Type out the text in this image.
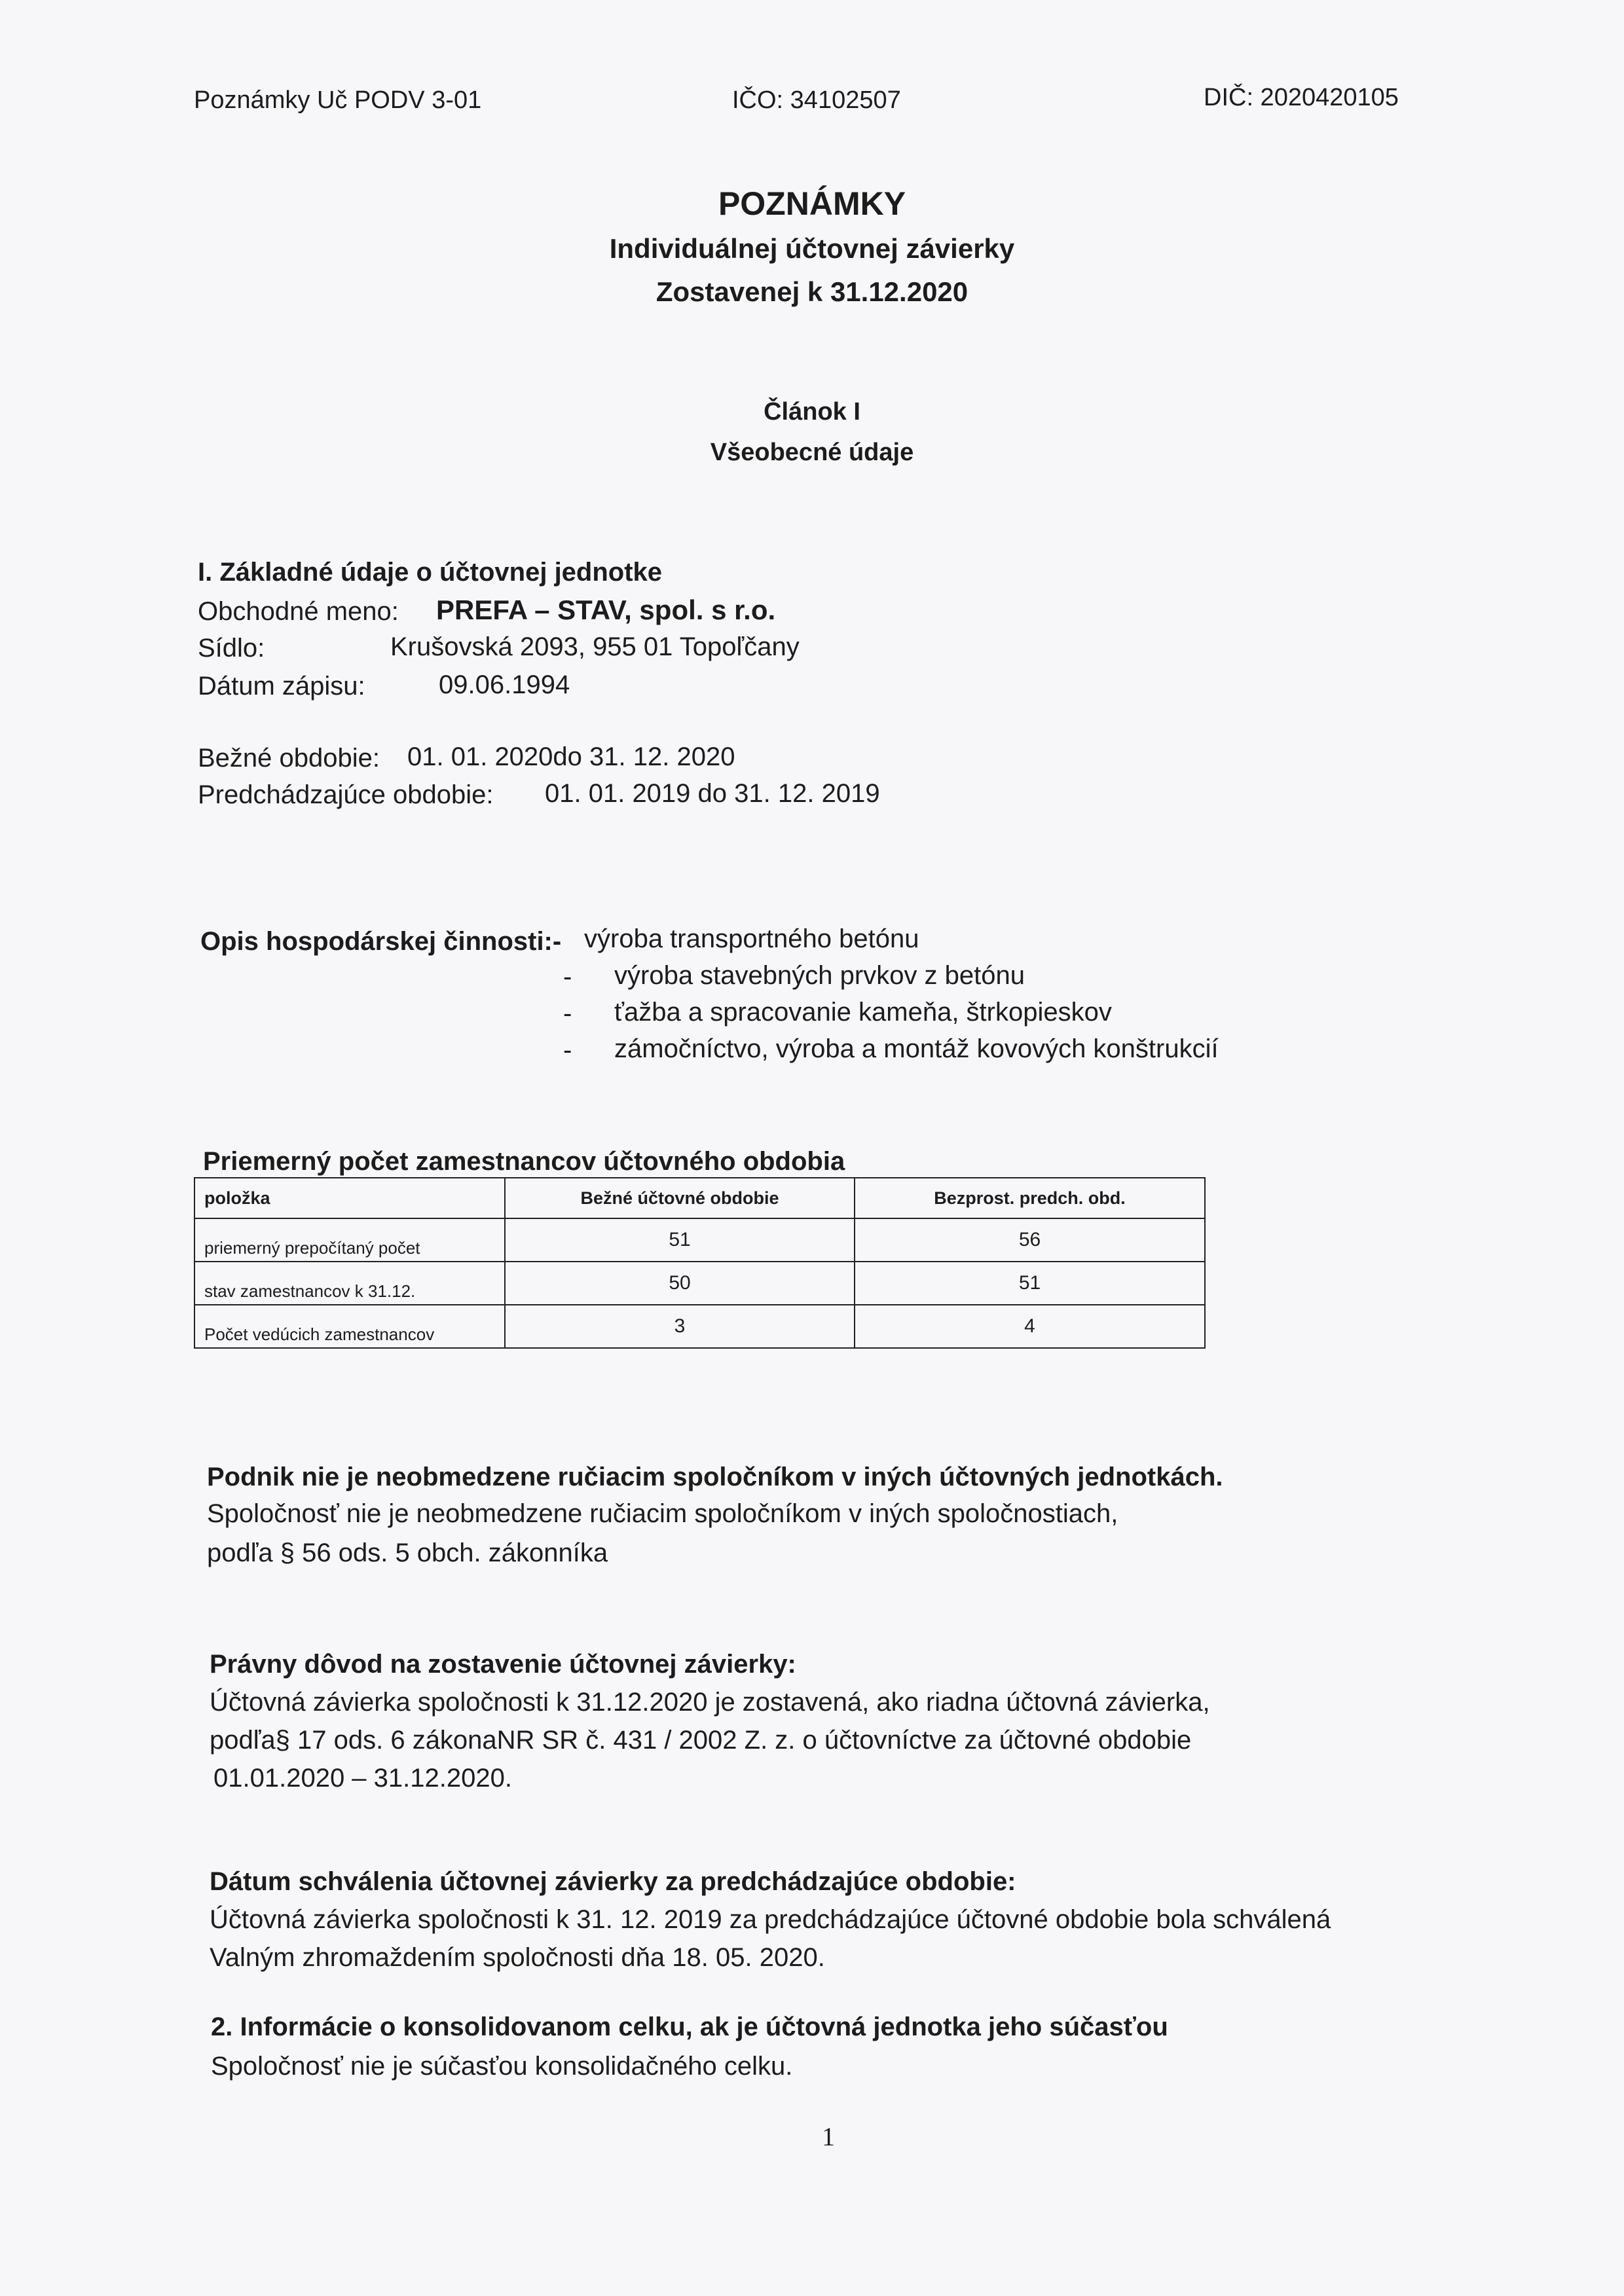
Poznámky Uč PODV 3-01	IČO: 34102507	DIČ: 2020420105
POZNÁMKY
Individuálnej účtovnej závierky
Zostavenej k 31.12.2020
Článok I
Všeobecné údaje
I. Základné údaje o účtovnej jednotke
Obchodné meno: PREFA – STAV, spol. s r.o.
Sídlo:	Krušovská 2093, 955 01 Topoľčany
Dátum zápisu:	09.06.1994
Bežné obdobie: 01. 01. 2020do 31. 12. 2020
Predchádzajúce obdobie: 01. 01. 2019 do 31. 12. 2019
Opis hospodárskej činnosti:- výroba transportného betónu
- výroba stavebných prvkov z betónu
- ťažba a spracovanie kameňa, štrkopieskov
- zámočníctvo, výroba a montáž kovových konštrukcií
Priemerný počet zamestnancov účtovného obdobia
položka	Bežné účtovné obdobie	Bezprost. predch. obd.
priemerný prepočítaný počet	51	56
stav zamestnancov k 31.12.	50	51
Počet vedúcich zamestnancov	3	4
Podnik nie je neobmedzene ručiacim spoločníkom v iných účtovných jednotkách.
Spoločnosť nie je neobmedzene ručiacim spoločníkom v iných spoločnostiach,
podľa § 56 ods. 5 obch. zákonníka
Právny dôvod na zostavenie účtovnej závierky:
Účtovná závierka spoločnosti k 31.12.2020 je zostavená, ako riadna účtovná závierka,
podľa§ 17 ods. 6 zákonaNR SR č. 431 / 2002 Z. z. o účtovníctve za účtovné obdobie
01.01.2020 – 31.12.2020.
Dátum schválenia účtovnej závierky za predchádzajúce obdobie:
Účtovná závierka spoločnosti k 31. 12. 2019 za predchádzajúce účtovné obdobie bola schválená
Valným zhromaždením spoločnosti dňa 18. 05. 2020.
2. Informácie o konsolidovanom celku, ak je účtovná jednotka jeho súčasťou
Spoločnosť nie je súčasťou konsolidačného celku.
1
